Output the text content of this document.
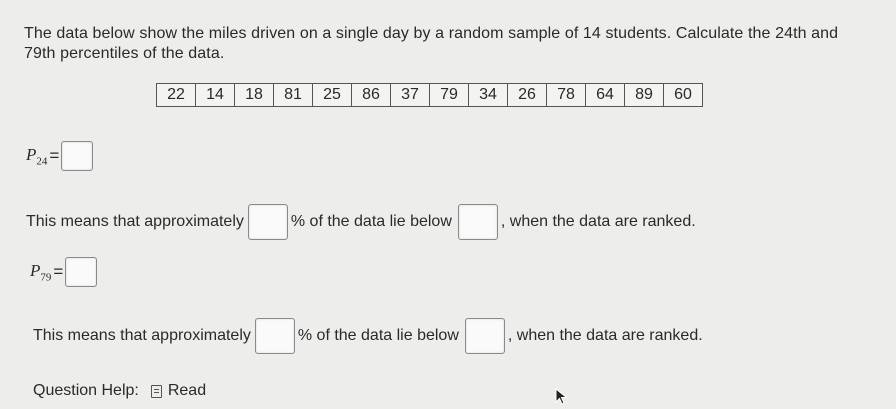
The data below show the miles driven on a single day by a random sample of 14 students. Calculate the 24th and 79th percentiles of the data.
22	14	18	81	25	86	37	79	34	26	78	64	89	60
$P_{24}$ =
This means that approximately	% of the data lie below	, when the data are ranked.
$P_{79}$ =
This means that approximately	% of the data lie below	, when the data are ranked.
Question Help: Read
